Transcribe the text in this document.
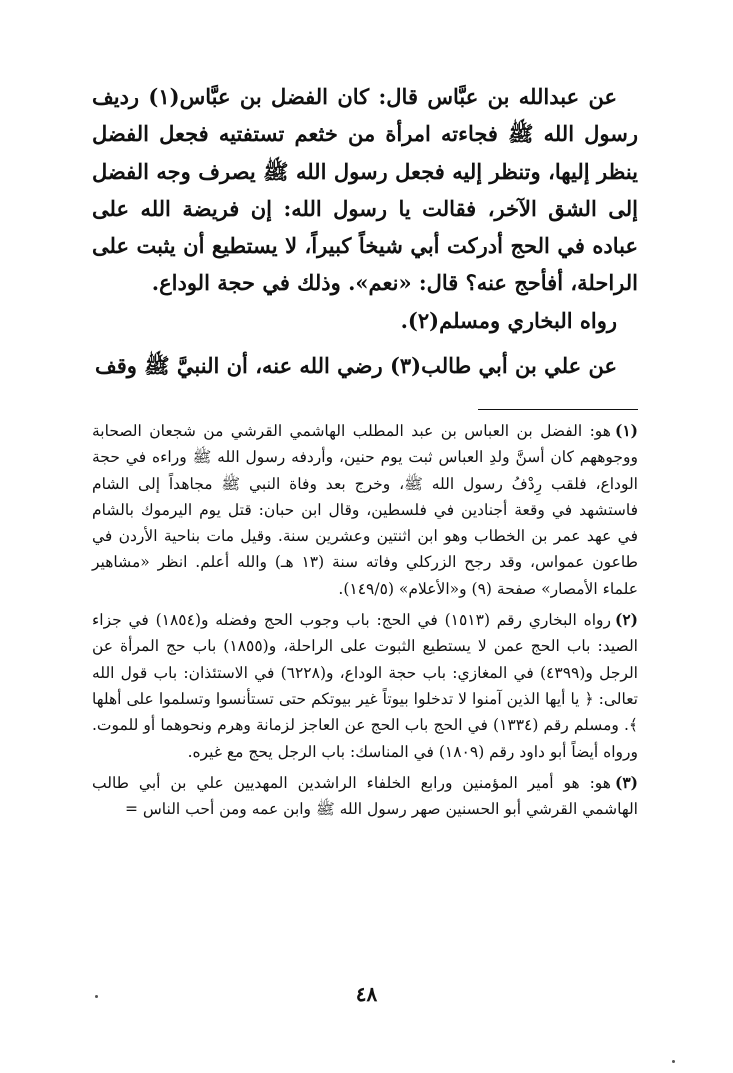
عن عبدالله بن عبَّاس قال: كان الفضل بن عبَّاس(١) رديف رسول الله ﷺ فجاءته امرأة من خثعم تستفتيه فجعل الفضل ينظر إليها، وتنظر إليه فجعل رسول الله ﷺ يصرف وجه الفضل إلى الشق الآخر، فقالت يا رسول الله: إن فريضة الله على عباده في الحج أدركت أبي شيخاً كبيراً، لا يستطيع أن يثبت على الراحلة، أفأحج عنه؟ قال: «نعم». وذلك في حجة الوداع.

رواه البخاري ومسلم(٢).

عن علي بن أبي طالب(٣) رضي الله عنه، أن النبيَّ ﷺ وقف

(١)هو: الفضل بن العباس بن عبد المطلب الهاشمي القرشي من شجعان الصحابة ووجوههم كان أسنَّ ولدِ العباس ثبت يوم حنين، وأردفه رسول الله ﷺ وراءه في حجة الوداع، فلقب رِدْفُ رسول الله ﷺ، وخرج بعد وفاة النبي ﷺ مجاهداً إلى الشام فاستشهد في وقعة أجنادين في فلسطين، وقال ابن حبان: قتل يوم اليرموك بالشام في عهد عمر بن الخطاب وهو ابن اثنتين وعشرين سنة. وقيل مات بناحية الأردن في طاعون عمواس، وقد رجح الزركلي وفاته سنة (١٣ هـ) والله أعلم. انظر «مشاهير علماء الأمصار» صفحة (٩) و«الأعلام» (١٤٩/٥).

(٢)رواه البخاري رقم (١٥١٣) في الحج: باب وجوب الحج وفضله و(١٨٥٤) في جزاء الصيد: باب الحج عمن لا يستطيع الثبوت على الراحلة، و(١٨٥٥) باب حج المرأة عن الرجل و(٤٣٩٩) في المغازي: باب حجة الوداع، و(٦٢٢٨) في الاستئذان: باب قول الله تعالى: ﴿ يا أيها الذين آمنوا لا تدخلوا بيوتاً غير بيوتكم حتى تستأنسوا وتسلموا على أهلها ﴾. ومسلم رقم (١٣٣٤) في الحج باب الحج عن العاجز لزمانة وهرم ونحوهما أو للموت. ورواه أيضاً أبو داود رقم (١٨٠٩) في المناسك: باب الرجل يحج مع غيره.

(٣)هو: هو أمير المؤمنين ورابع الخلفاء الراشدين المهديين علي بن أبي طالب الهاشمي القرشي أبو الحسنين صهر رسول الله ﷺ وابن عمه ومن أحب الناس =

٤٨
